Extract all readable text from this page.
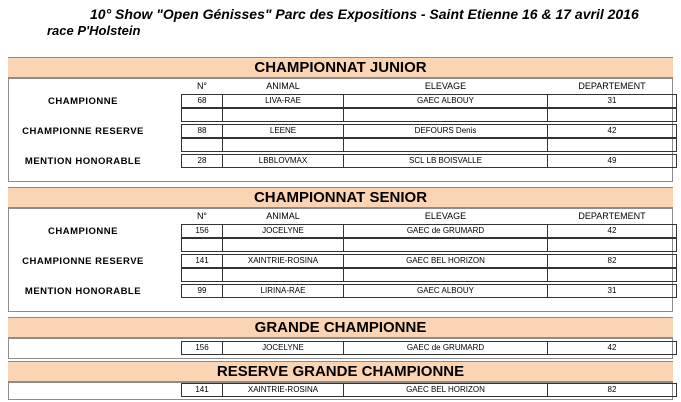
10° Show "Open Génisses" Parc des Expositions - Saint Etienne 16 & 17 avril 2016
race P'Holstein
CHAMPIONNAT JUNIOR
N°	ANIMAL	ELEVAGE	DEPARTEMENT
CHAMPIONNE	68	LIVA-RAE	GAEC ALBOUY	31
CHAMPIONNE RESERVE	88	LEENE	DEFOURS Denis	42
MENTION HONORABLE	28	LBBLOVMAX	SCL LB BOISVALLE	49
CHAMPIONNAT SENIOR
N°	ANIMAL	ELEVAGE	DEPARTEMENT
CHAMPIONNE	156	JOCELYNE	GAEC de GRUMARD	42
CHAMPIONNE RESERVE	141	XAINTRIE-ROSINA	GAEC BEL HORIZON	82
MENTION HONORABLE	99	LIRINA-RAE	GAEC ALBOUY	31
GRANDE CHAMPIONNE
156	JOCELYNE	GAEC de GRUMARD	42
RESERVE GRANDE CHAMPIONNE
141	XAINTRIE-ROSINA	GAEC BEL HORIZON	82
